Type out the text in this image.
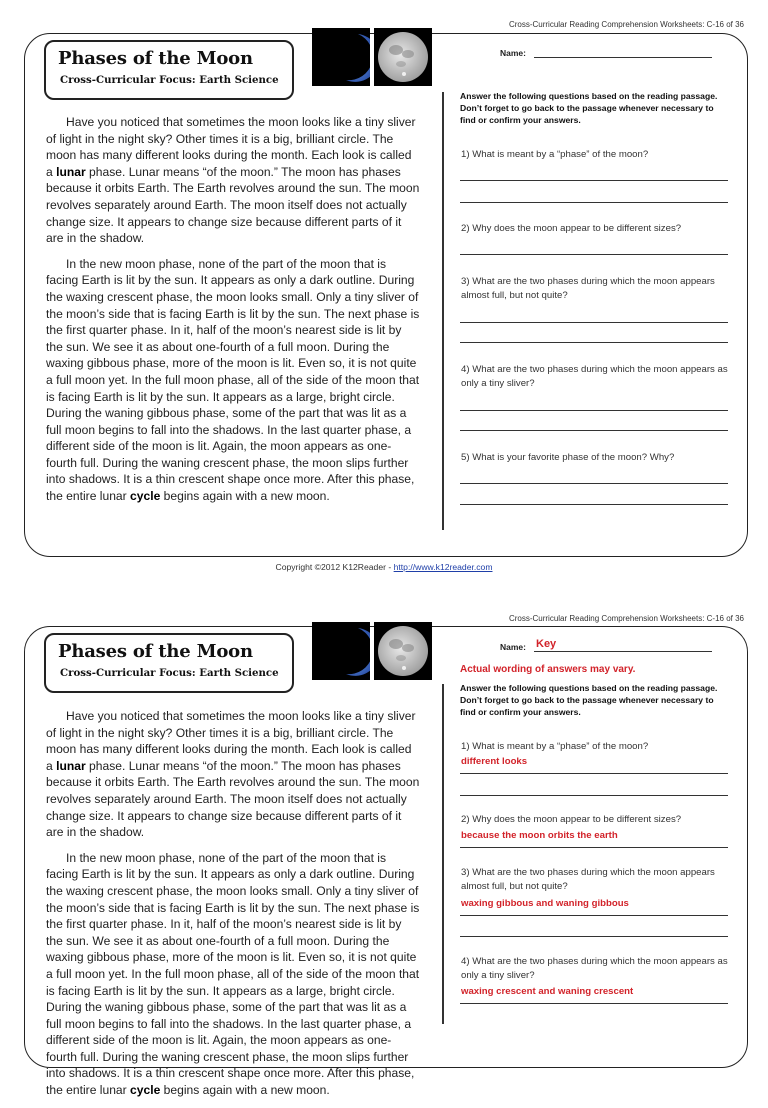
Cross-Curricular Reading Comprehension Worksheets: C-16 of 36
Phases of the Moon
Cross-Curricular Focus: Earth Science

Have you noticed that sometimes the moon looks like a tiny sliver of light in the night sky? Other times it is a big, brilliant circle. The moon has many different looks during the month. Each look is called a lunar phase. Lunar means “of the moon.” The moon has phases because it orbits Earth. The Earth revolves around the sun. The moon revolves separately around Earth. The moon itself does not actually change size. It appears to change size because different parts of it are in the shadow.

In the new moon phase, none of the part of the moon that is facing Earth is lit by the sun. It appears as only a dark outline. During the waxing crescent phase, the moon looks small. Only a tiny sliver of the moon’s side that is facing Earth is lit by the sun. The next phase is the first quarter phase. In it, half of the moon’s nearest side is lit by the sun. We see it as about one-fourth of a full moon. During the waxing gibbous phase, more of the moon is lit. Even so, it is not quite a full moon yet. In the full moon phase, all of the side of the moon that is facing Earth is lit by the sun. It appears as a large, bright circle. During the waning gibbous phase, some of the part that was lit as a full moon begins to fall into the shadows. In the last quarter phase, a different side of the moon is lit. Again, the moon appears as one-fourth full. During the waning crescent phase, the moon slips further into shadows. It is a thin crescent shape once more. After this phase, the entire lunar cycle begins again with a new moon.

Name:
Answer the following questions based on the reading passage. Don’t forget to go back to the passage whenever necessary to find or confirm your answers.
1) What is meant by a “phase” of the moon?
2) Why does the moon appear to be different sizes?
3) What are the two phases during which the moon appears almost full, but not quite?
4) What are the two phases during which the moon appears as only a tiny sliver?
5) What is your favorite phase of the moon? Why?
Copyright ©2012 K12Reader - http://www.k12reader.com
Cross-Curricular Reading Comprehension Worksheets: C-16 of 36
Phases of the Moon
Cross-Curricular Focus: Earth Science

Have you noticed that sometimes the moon looks like a tiny sliver of light in the night sky? Other times it is a big, brilliant circle. The moon has many different looks during the month. Each look is called a lunar phase. Lunar means “of the moon.” The moon has phases because it orbits Earth. The Earth revolves around the sun. The moon revolves separately around Earth. The moon itself does not actually change size. It appears to change size because different parts of it are in the shadow.

In the new moon phase, none of the part of the moon that is facing Earth is lit by the sun. It appears as only a dark outline. During the waxing crescent phase, the moon looks small. Only a tiny sliver of the moon’s side that is facing Earth is lit by the sun. The next phase is the first quarter phase. In it, half of the moon’s nearest side is lit by the sun. We see it as about one-fourth of a full moon. During the waxing gibbous phase, more of the moon is lit. Even so, it is not quite a full moon yet. In the full moon phase, all of the side of the moon that is facing Earth is lit by the sun. It appears as a large, bright circle. During the waning gibbous phase, some of the part that was lit as a full moon begins to fall into the shadows. In the last quarter phase, a different side of the moon is lit. Again, the moon appears as one-fourth full. During the waning crescent phase, the moon slips further into shadows. It is a thin crescent shape once more. After this phase, the entire lunar cycle begins again with a new moon.

Name: Key
Actual wording of answers may vary.
Answer the following questions based on the reading passage. Don’t forget to go back to the passage whenever necessary to find or confirm your answers.
1) What is meant by a “phase” of the moon?
different looks
2) Why does the moon appear to be different sizes?
because the moon orbits the earth
3) What are the two phases during which the moon appears almost full, but not quite?
waxing gibbous and waning gibbous
4) What are the two phases during which the moon appears as only a tiny sliver?
waxing crescent and waning crescent
